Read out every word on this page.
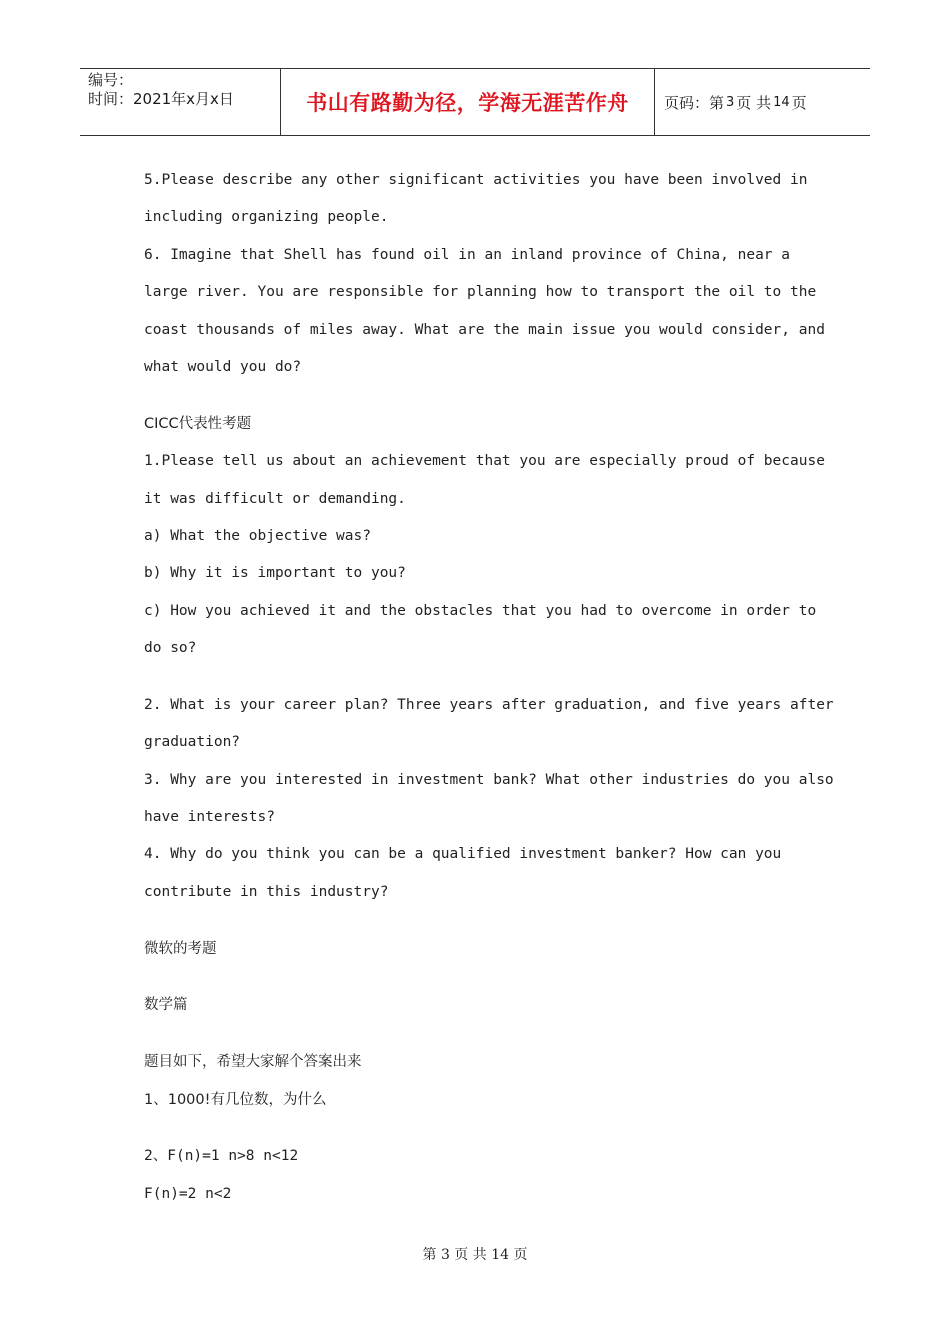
编号：
时间：2021年x月x日	书山有路勤为径，学海无涯苦作舟	页码：第 3 页 共 14 页
5.Please describe any other significant activities you have been involved in
including organizing people.
6. Imagine that Shell has found oil in an inland province of China, near a
large river. You are responsible for planning how to transport the oil to the
coast thousands of miles away. What are the main issue you would consider, and
what would you do?
CICC代表性考题
1.Please tell us about an achievement that you are especially proud of because
it was difficult or demanding.
a) What the objective was?
b) Why it is important to you?
c) How you achieved it and the obstacles that you had to overcome in order to
do so?
2. What is your career plan? Three years after graduation, and five years after
graduation?
3. Why are you interested in investment bank? What other industries do you also
have interests?
4. Why do you think you can be a qualified investment banker? How can you
contribute in this industry?
微软的考题
数学篇
题目如下，希望大家解个答案出来
1、1000!有几位数，为什么
2、F(n)=1 n>8 n<12
F(n)=2 n<2
第 3 页 共 14 页
